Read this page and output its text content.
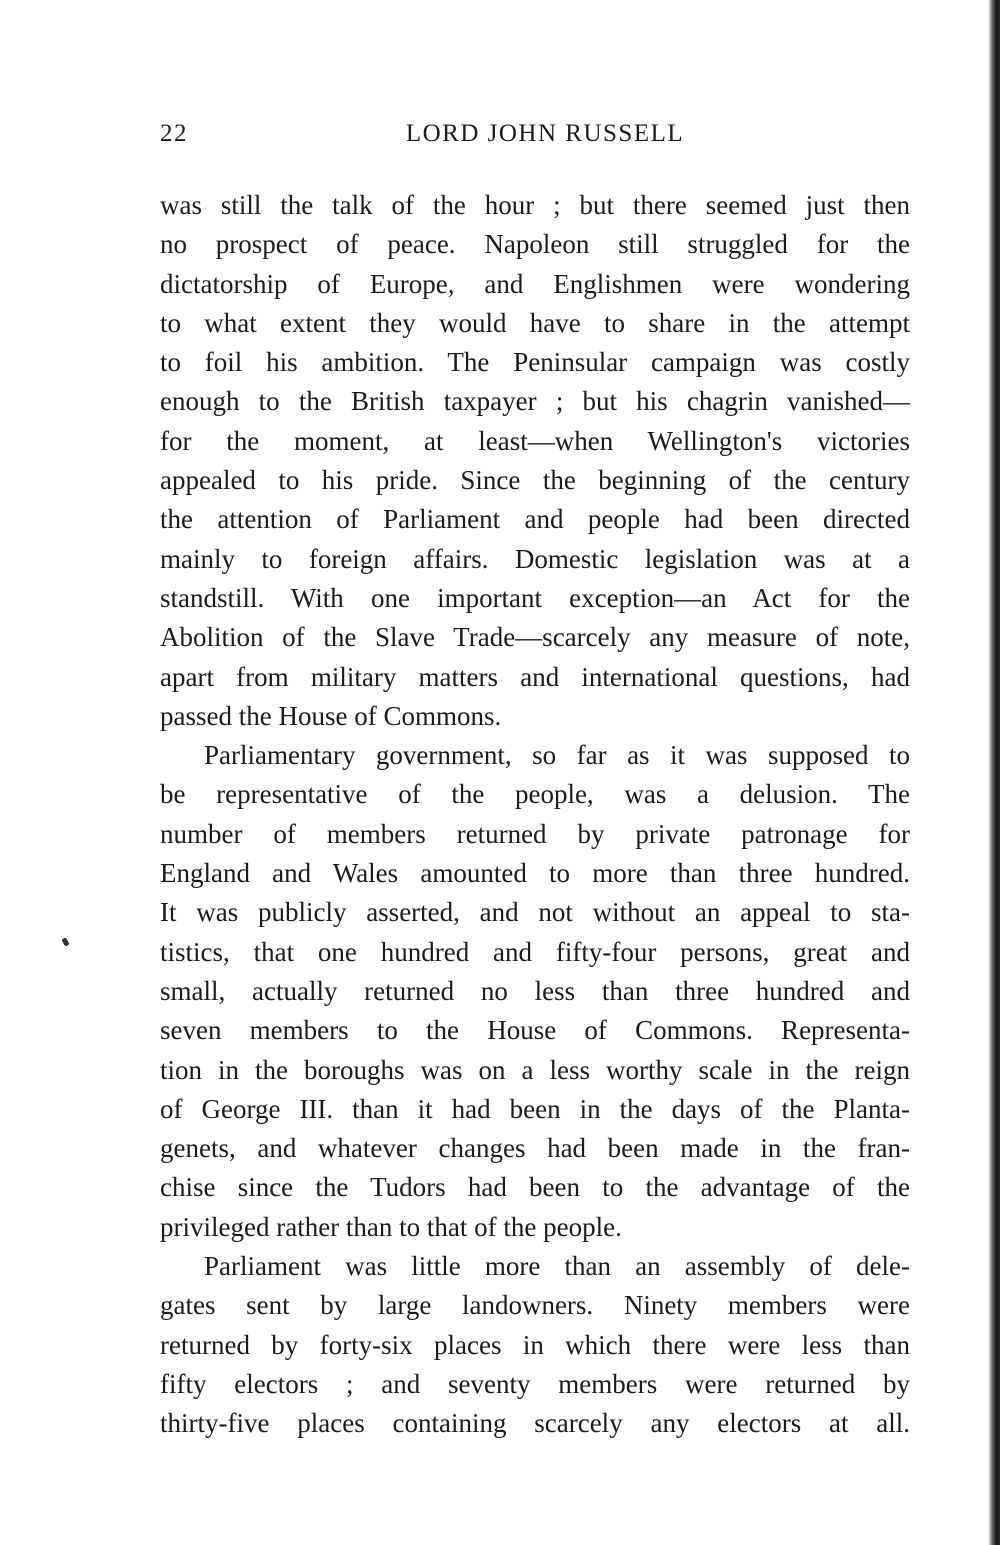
22	LORD JOHN RUSSELL
was still the talk of the hour ; but there seemed just then
no prospect of peace. Napoleon still struggled for the
dictatorship of Europe, and Englishmen were wondering
to what extent they would have to share in the attempt
to foil his ambition. The Peninsular campaign was costly
enough to the British taxpayer ; but his chagrin vanished—
for the moment, at least—when Wellington's victories
appealed to his pride. Since the beginning of the century
the attention of Parliament and people had been directed
mainly to foreign affairs. Domestic legislation was at a
standstill. With one important exception—an Act for the
Abolition of the Slave Trade—scarcely any measure of note,
apart from military matters and international questions, had
passed the House of Commons.
Parliamentary government, so far as it was supposed to
be representative of the people, was a delusion. The
number of members returned by private patronage for
England and Wales amounted to more than three hundred.
It was publicly asserted, and not without an appeal to sta-
tistics, that one hundred and fifty-four persons, great and
small, actually returned no less than three hundred and
seven members to the House of Commons. Representa-
tion in the boroughs was on a less worthy scale in the reign
of George III. than it had been in the days of the Planta-
genets, and whatever changes had been made in the fran-
chise since the Tudors had been to the advantage of the
privileged rather than to that of the people.
Parliament was little more than an assembly of dele-
gates sent by large landowners. Ninety members were
returned by forty-six places in which there were less than
fifty electors ; and seventy members were returned by
thirty-five places containing scarcely any electors at all.
